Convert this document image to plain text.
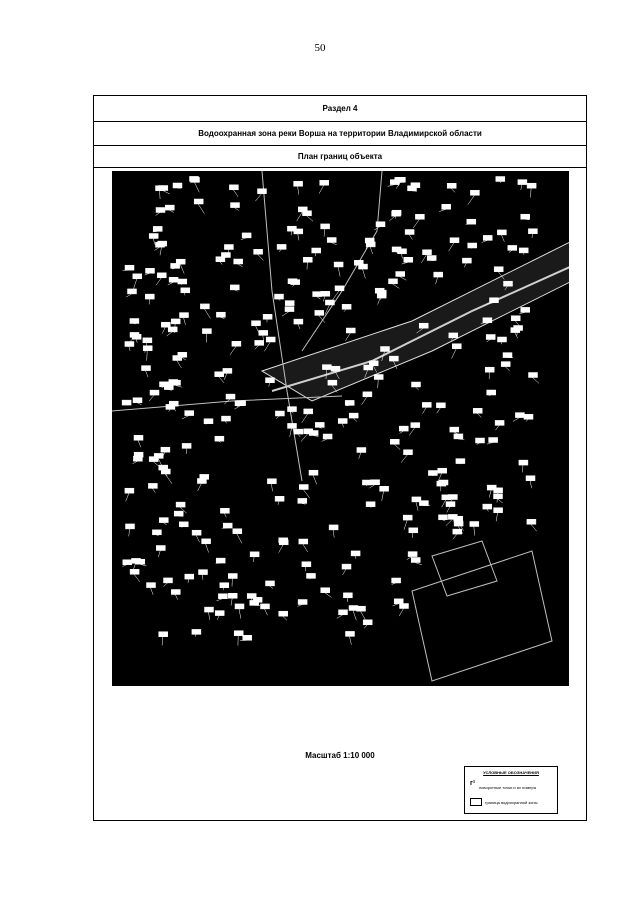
50
Раздел 4
Водоохранная зона реки Ворша на территории Владимирской области
План границ объекта
Масштаб 1:10 000
УСЛОВНЫЕ ОБОЗНАЧЕНИЯ
г¹
поворотные точки и их номера
граница водоохранной зоны
